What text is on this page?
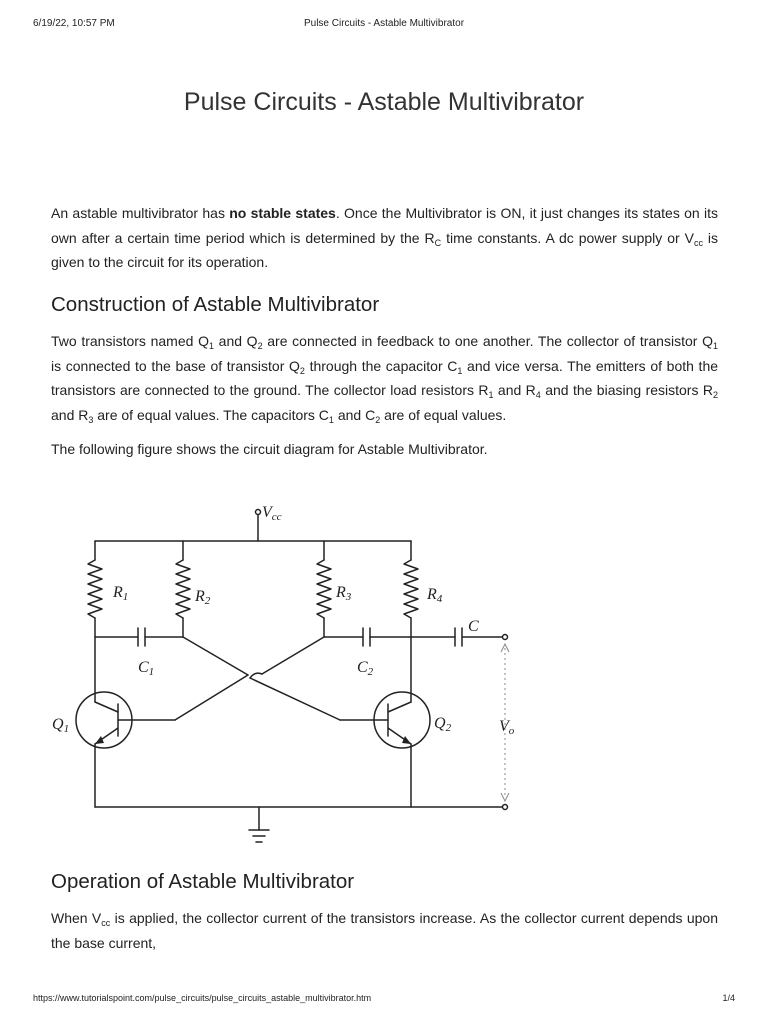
6/19/22, 10:57 PM	Pulse Circuits - Astable Multivibrator
Pulse Circuits - Astable Multivibrator

An astable multivibrator has no stable states. Once the Multivibrator is ON, it just changes its states on its own after a certain time period which is determined by the $R_C$ time constants. A dc power supply or $V_{cc}$ is given to the circuit for its operation.

Construction of Astable Multivibrator

Two transistors named $Q_1$ and $Q_2$ are connected in feedback to one another. The collector of transistor $Q_1$ is connected to the base of transistor $Q_2$ through the capacitor $C_1$ and vice versa. The emitters of both the transistors are connected to the ground. The collector load resistors $R_1$ and $R_4$ and the biasing resistors $R_2$ and $R_3$ are of equal values. The capacitors $C_1$ and $C_2$ are of equal values.

The following figure shows the circuit diagram for Astable Multivibrator.

Vcc
R1	R2	R3	R4
C1	C2
C
Q1	Q2	Vo
Operation of Astable Multivibrator

When $V_{cc}$ is applied, the collector current of the transistors increase. As the collector current depends upon the base current,

https://www.tutorialspoint.com/pulse_circuits/pulse_circuits_astable_multivibrator.htm	1/4
